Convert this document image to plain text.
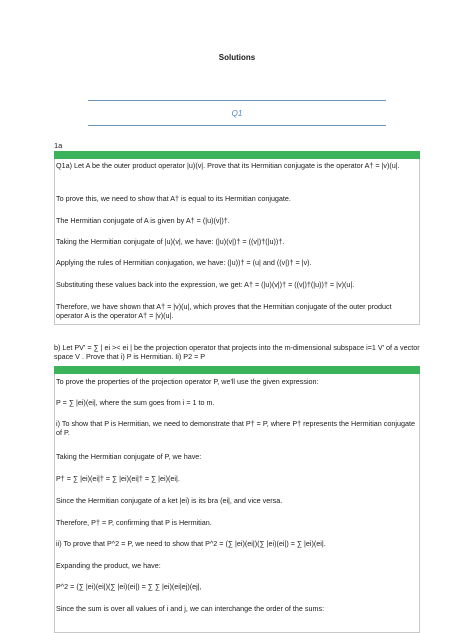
Solutions
Q1
1a

Q1a) Let A be the outer product operator |u)(v|. Prove that its Hermitian conjugate is the operator A† = |v)(u|.

To prove this, we need to show that A† is equal to its Hermitian conjugate.

The Hermitian conjugate of A is given by A† = (|u)(v|)†.

Taking the Hermitian conjugate of |u)(v|, we have: (|u)(v|)† = ((v|)†(|u))†.

Applying the rules of Hermitian conjugation, we have: (|u))† = (u| and ((v|)† = |v).

Substituting these values back into the expression, we get: A† = (|u)(v|)† = ((v|)†(|u))† = |v)(u|.

Therefore, we have shown that A† = |v)(u|, which proves that the Hermitian conjugate of the outer product operator A is the operator A† = |v)(u|.

b) Let PV' = ∑ | ei >< ei | be the projection operator that projects into the m-dimensional subspace i=1 V' of a vector space V . Prove that i) P is Hermitian. Ii) P2 = P

To prove the properties of the projection operator P, we'll use the given expression:

P = ∑ |ei)(ei|, where the sum goes from i = 1 to m.

i) To show that P is Hermitian, we need to demonstrate that P† = P, where P† represents the Hermitian conjugate of P.

Taking the Hermitian conjugate of P, we have:

P† = ∑ |ei)(ei|† = ∑ |ei)(ei|† = ∑ |ei)(ei|.

Since the Hermitian conjugate of a ket |ei) is its bra (ei|, and vice versa.

Therefore, P† = P, confirming that P is Hermitian.

ii) To prove that P^2 = P, we need to show that P^2 = (∑ |ei)(ei|)(∑ |ei)(ei|) = ∑ |ei)(ei|.

Expanding the product, we have:

P^2 = (∑ |ei)(ei|)(∑ |ei)(ei|) = ∑ ∑ |ei)(ei|ej)(ej|,

Since the sum is over all values of i and j, we can interchange the order of the sums:
